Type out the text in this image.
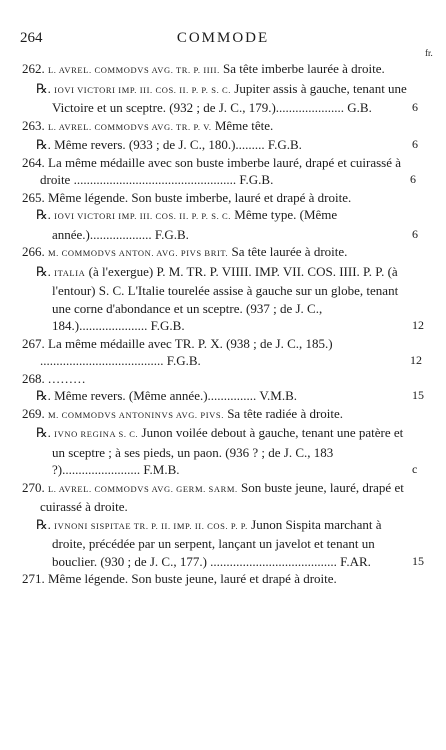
264	COMMODE
fr.

262. L. AVREL. COMMODVS AVG. TR. P. IIII. Sa tête imberbe laurée à droite.

℞. IOVI VICTORI IMP. III. COS. II. P. P. S. C. Jupiter assis à gauche, tenant une Victoire et un sceptre. (932 ; de J. C., 179.)..................... G.B.	6

263. L. AVREL. COMMODVS AVG. TR. P. V. Même tête.

℞. Même revers. (933 ; de J. C., 180.)......... F.G.B.	6

264. La même médaille avec son buste imberbe lauré, drapé et cuirassé à droite .................................................. F.G.B.	6

265. Même légende. Son buste imberbe, lauré et drapé à droite.

℞. IOVI VICTORI IMP. III. COS. II. P. P. S. C. Même type. (Même année.)................... F.G.B.	6

266. M. COMMODVS ANTON. AVG. PIVS BRIT. Sa tête laurée à droite.

℞. ITALIA (à l'exergue) P. M. TR. P. VIIII. IMP. VII. COS. IIII. P. P. (à l'entour) S. C. L'Italie tourelée assise à gauche sur un globe, tenant une corne d'abondance et un sceptre. (937 ; de J. C., 184.)..................... F.G.B.	12

267. La même médaille avec TR. P. X. (938 ; de J. C., 185.) ...................................... F.G.B.	12

268. .........

℞. Même revers. (Même année.)............... V.M.B.	15

269. M. COMMODVS ANTONINVS AVG. PIVS. Sa tête radiée à droite.

℞. IVNO REGINA S. C. Junon voilée debout à gauche, tenant une patère et un sceptre ; à ses pieds, un paon. (936 ? ; de J. C., 183 ?)........................ F.M.B.	c

270. L. AVREL. COMMODVS AVG. GERM. SARM. Son buste jeune, lauré, drapé et cuirassé à droite.

℞. IVNONI SISPITAE TR. P. II. IMP. II. COS. P. P. Junon Sispita marchant à droite, précédée par un serpent, lançant un javelot et tenant un bouclier. (930 ; de J. C., 177.) ....................................... F.AR.	15

271. Même légende. Son buste jeune, lauré et drapé à droite.
